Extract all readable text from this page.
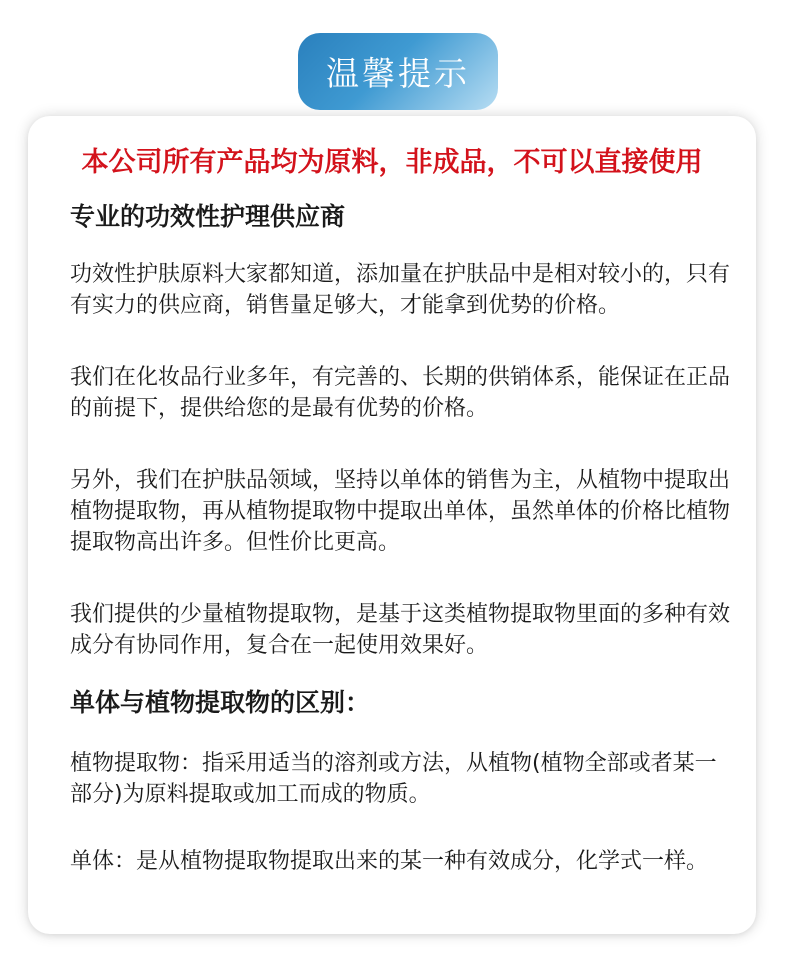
温馨提示
本公司所有产品均为原料，非成品，不可以直接使用

专业的功效性护理供应商

功效性护肤原料大家都知道，添加量在护肤品中是相对较小的，只有有实力的供应商，销售量足够大，才能拿到优势的价格。

我们在化妆品行业多年，有完善的、长期的供销体系，能保证在正品的前提下，提供给您的是最有优势的价格。

另外，我们在护肤品领域，坚持以单体的销售为主，从植物中提取出植物提取物，再从植物提取物中提取出单体，虽然单体的价格比植物提取物高出许多。但性价比更高。

我们提供的少量植物提取物，是基于这类植物提取物里面的多种有效成分有协同作用，复合在一起使用效果好。

单体与植物提取物的区别：

植物提取物：指采用适当的溶剂或方法，从植物(植物全部或者某一部分)为原料提取或加工而成的物质。

单体：是从植物提取物提取出来的某一种有效成分，化学式一样。
